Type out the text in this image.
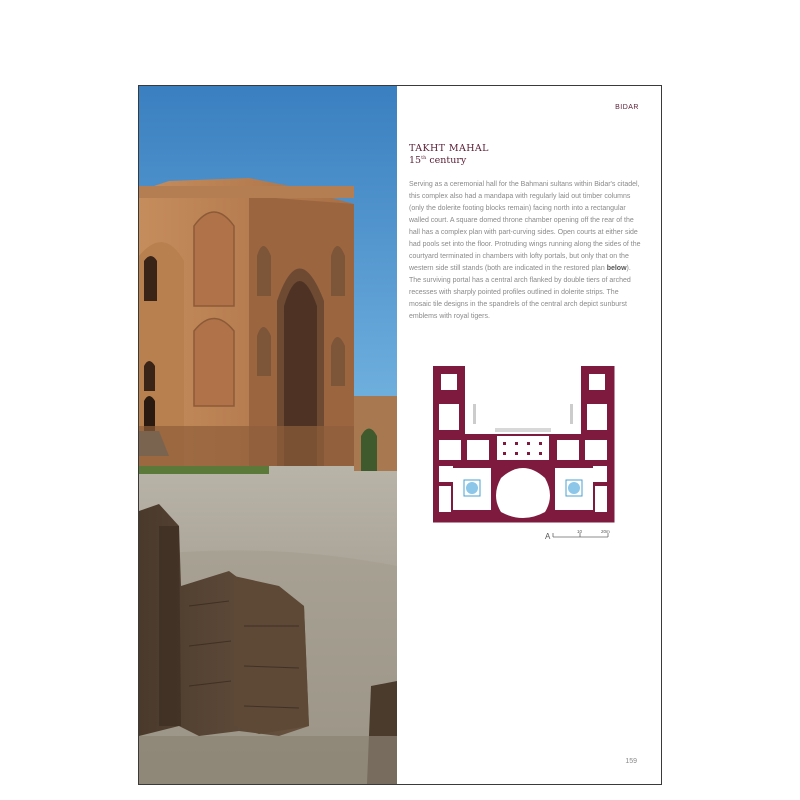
BIDAR
TAKHT MAHAL
15th century
Serving as a ceremonial hall for the Bahmani sultans within Bidar's citadel, this complex also had a mandapa with regularly laid out timber columns (only the dolerite footing blocks remain) facing north into a rectangular walled court. A square domed throne chamber opening off the rear of the hall has a complex plan with part-curving sides. Open courts at either side had pools set into the floor. Protruding wings running along the sides of the courtyard terminated in chambers with lofty portals, but only that on the western side still stands (both are indicated in the restored plan below). The surviving portal has a central arch flanked by double tiers of arched recesses with sharply pointed profiles outlined in dolerite strips. The mosaic tile designs in the spandrels of the central arch depict sunburst emblems with royal tigers.
A
10	20m
159
